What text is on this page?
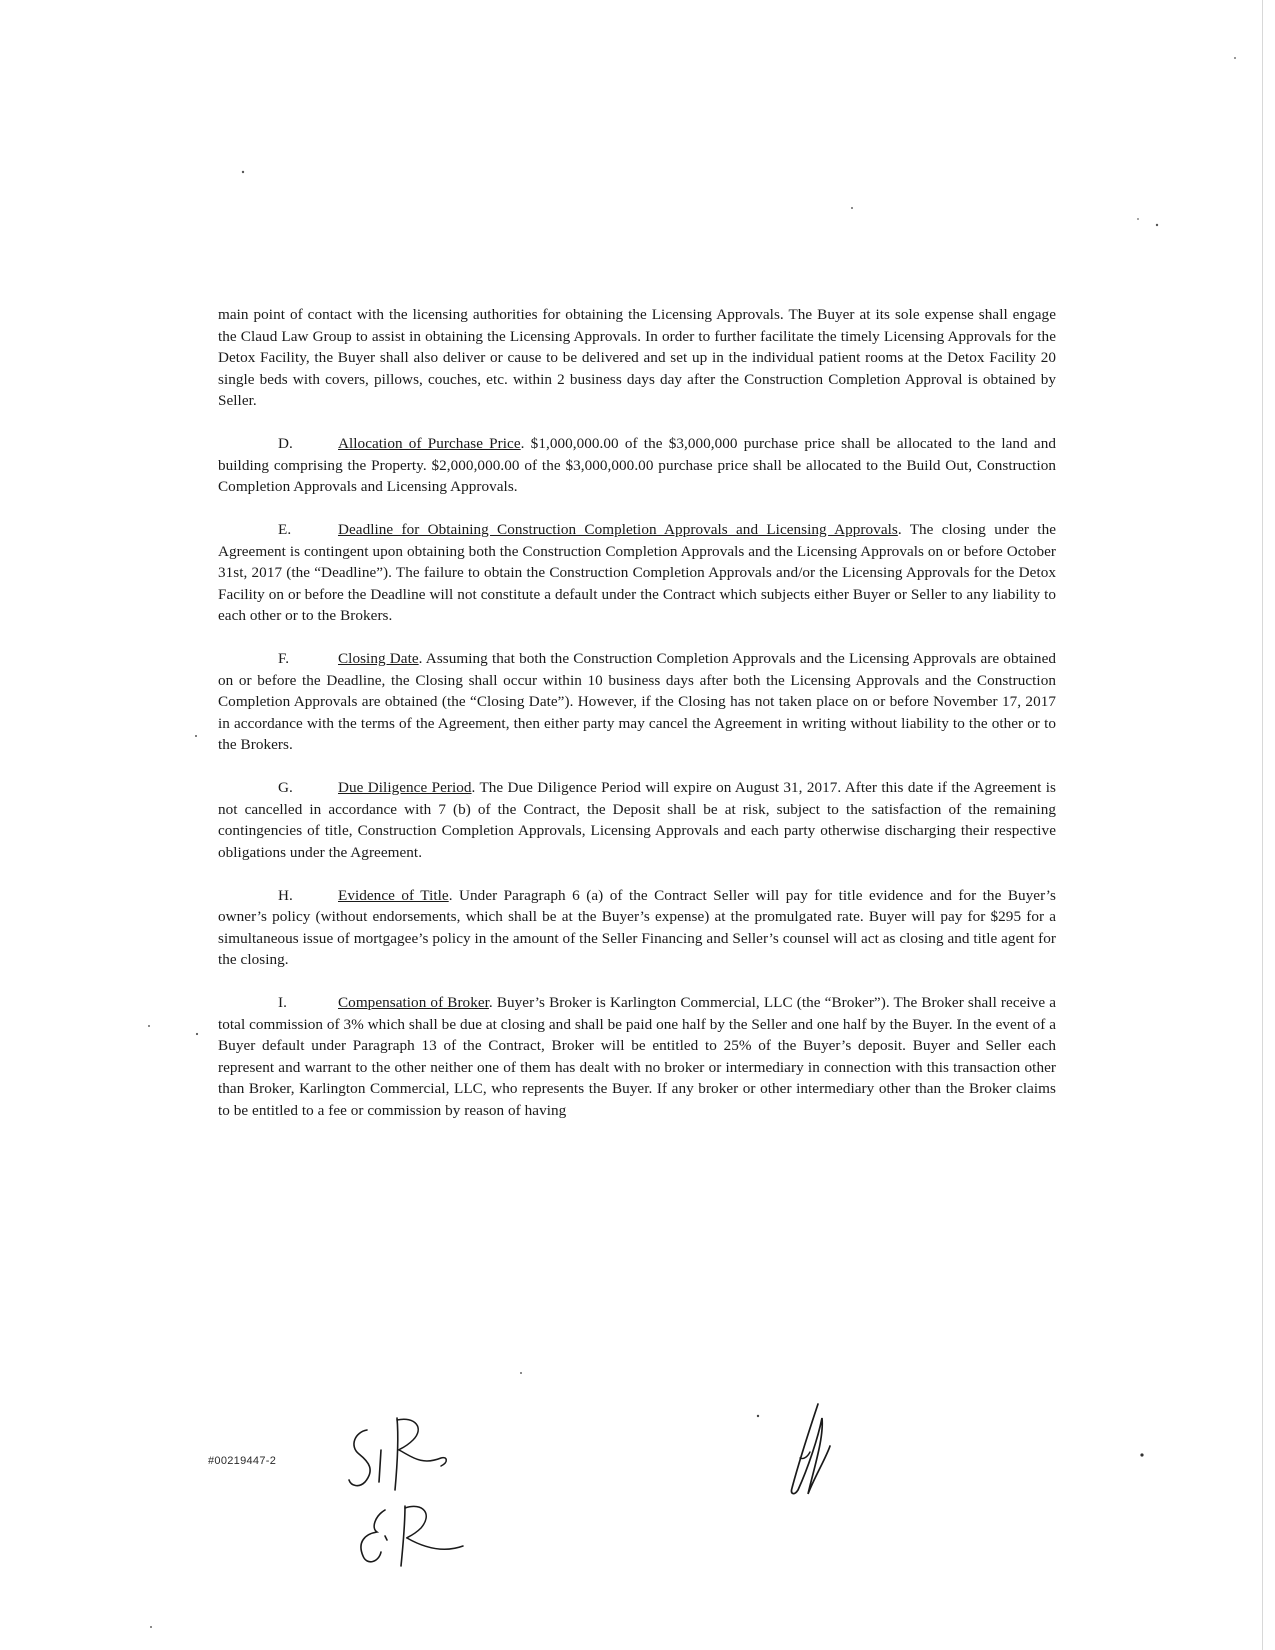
main point of contact with the licensing authorities for obtaining the Licensing Approvals. The Buyer at its sole expense shall engage the Claud Law Group to assist in obtaining the Licensing Approvals. In order to further facilitate the timely Licensing Approvals for the Detox Facility, the Buyer shall also deliver or cause to be delivered and set up in the individual patient rooms at the Detox Facility 20 single beds with covers, pillows, couches, etc. within 2 business days day after the Construction Completion Approval is obtained by Seller.

D.	Allocation of Purchase Price. $1,000,000.00 of the $3,000,000 purchase price shall be allocated to the land and building comprising the Property. $2,000,000.00 of the $3,000,000.00 purchase price shall be allocated to the Build Out, Construction Completion Approvals and Licensing Approvals.

E.	Deadline for Obtaining Construction Completion Approvals and Licensing Approvals. The closing under the Agreement is contingent upon obtaining both the Construction Completion Approvals and the Licensing Approvals on or before October 31st, 2017 (the “Deadline”). The failure to obtain the Construction Completion Approvals and/or the Licensing Approvals for the Detox Facility on or before the Deadline will not constitute a default under the Contract which subjects either Buyer or Seller to any liability to each other or to the Brokers.

F.	Closing Date. Assuming that both the Construction Completion Approvals and the Licensing Approvals are obtained on or before the Deadline, the Closing shall occur within 10 business days after both the Licensing Approvals and the Construction Completion Approvals are obtained (the “Closing Date”). However, if the Closing has not taken place on or before November 17, 2017 in accordance with the terms of the Agreement, then either party may cancel the Agreement in writing without liability to the other or to the Brokers.

G.	Due Diligence Period. The Due Diligence Period will expire on August 31, 2017. After this date if the Agreement is not cancelled in accordance with 7 (b) of the Contract, the Deposit shall be at risk, subject to the satisfaction of the remaining contingencies of title, Construction Completion Approvals, Licensing Approvals and each party otherwise discharging their respective obligations under the Agreement.

H.	Evidence of Title. Under Paragraph 6 (a) of the Contract Seller will pay for title evidence and for the Buyer’s owner’s policy (without endorsements, which shall be at the Buyer’s expense) at the promulgated rate. Buyer will pay for $295 for a simultaneous issue of mortgagee’s policy in the amount of the Seller Financing and Seller’s counsel will act as closing and title agent for the closing.

I.	Compensation of Broker. Buyer’s Broker is Karlington Commercial, LLC (the “Broker”). The Broker shall receive a total commission of 3% which shall be due at closing and shall be paid one half by the Seller and one half by the Buyer. In the event of a Buyer default under Paragraph 13 of the Contract, Broker will be entitled to 25% of the Buyer’s deposit. Buyer and Seller each represent and warrant to the other neither one of them has dealt with no broker or intermediary in connection with this transaction other than Broker, Karlington Commercial, LLC, who represents the Buyer. If any broker or other intermediary other than the Broker claims to be entitled to a fee or commission by reason of having

#00219447-2
